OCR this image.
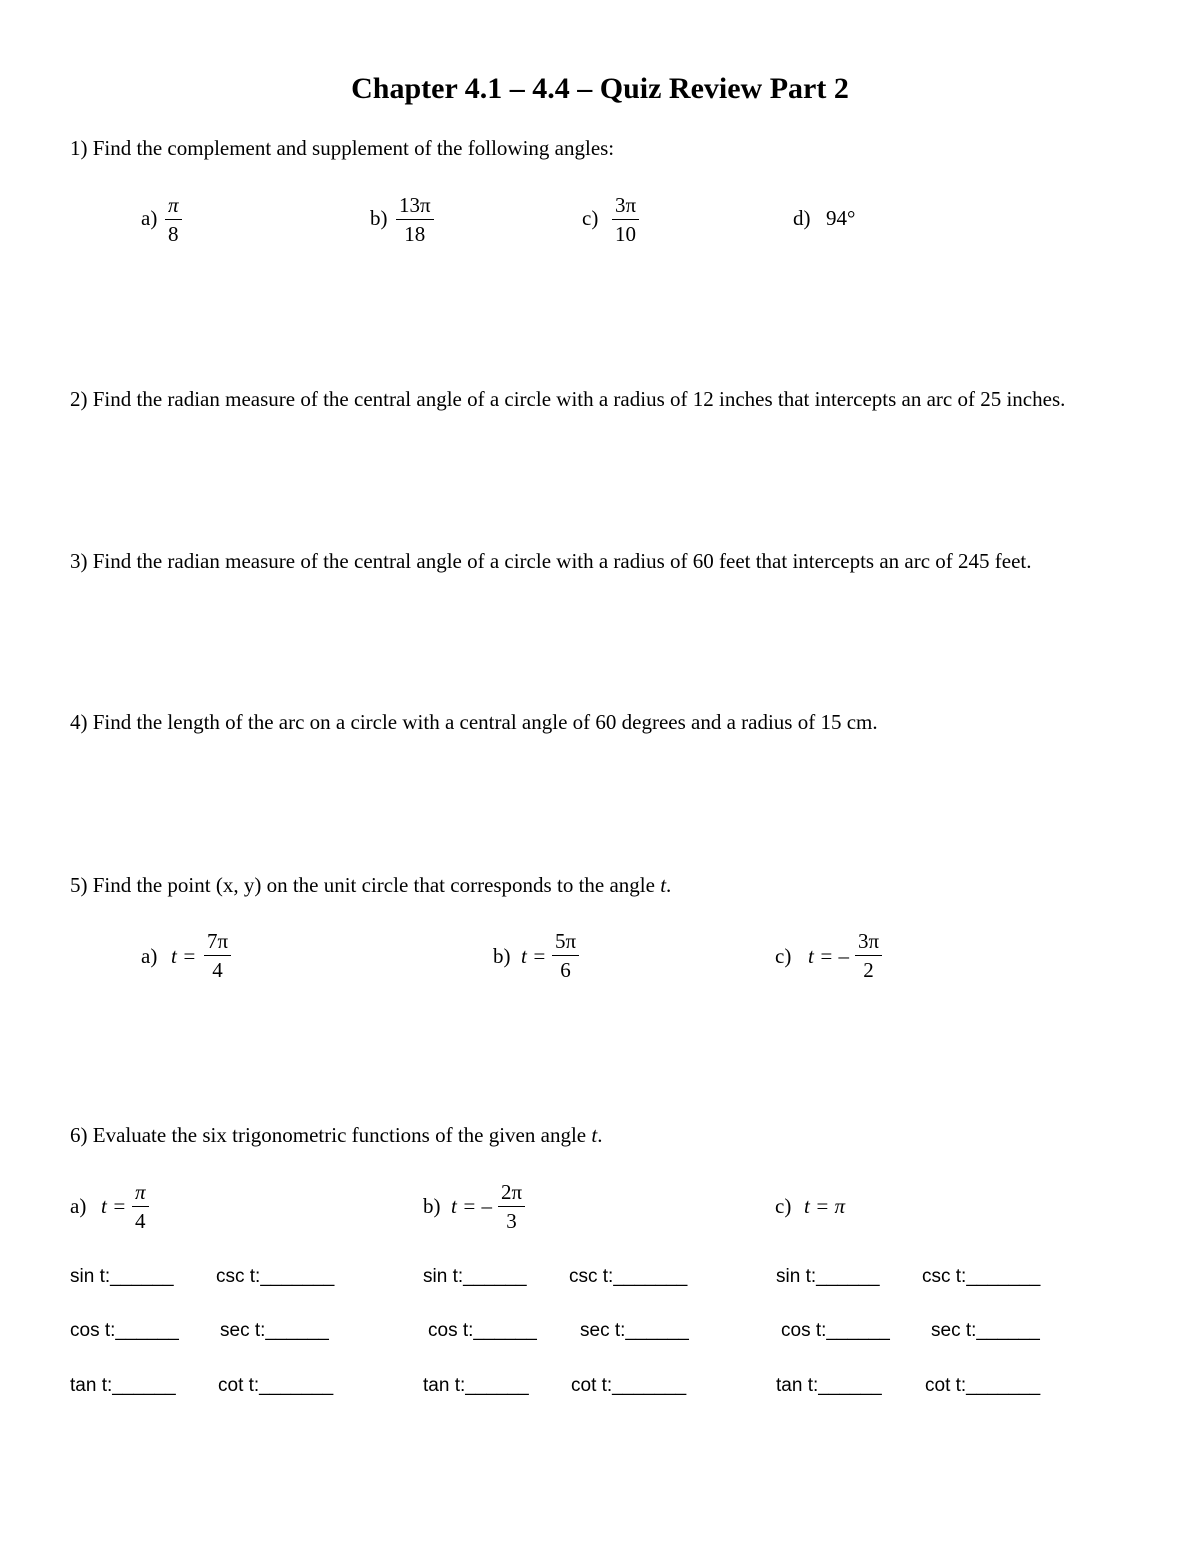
Chapter 4.1 – 4.4 – Quiz Review Part 2
1) Find the complement and supplement of the following angles:
$a) \frac{\pi}{8}$	$b) \frac{13\pi}{18}$	$c) \frac{3\pi}{10}$	d) 94°
2) Find the radian measure of the central angle of a circle with a radius of 12 inches that intercepts an arc of 25 inches.
3) Find the radian measure of the central angle of a circle with a radius of 60 feet that intercepts an arc of 245 feet.
4) Find the length of the arc on a circle with a central angle of 60 degrees and a radius of 15 cm.
5) Find the point (x, y) on the unit circle that corresponds to the angle t.
a) $t = \frac{7\pi}{4}$	b) $t = \frac{5\pi}{6}$	c) t = – $\frac{3\pi}{2}$
6) Evaluate the six trigonometric functions of the given angle t.
a) $t = \frac{\pi}{4}$	b) t = – $\frac{2\pi}{3}$	c) t = π
sin t:______ csc t:_______
cos t:______ sec t:______
tan t:______ cot t:_______
sin t:______ csc t:_______
cos t:______ sec t:______
tan t:______ cot t:_______
sin t:______ csc t:_______
cos t:______ sec t:______
tan t:______ cot t:_______
